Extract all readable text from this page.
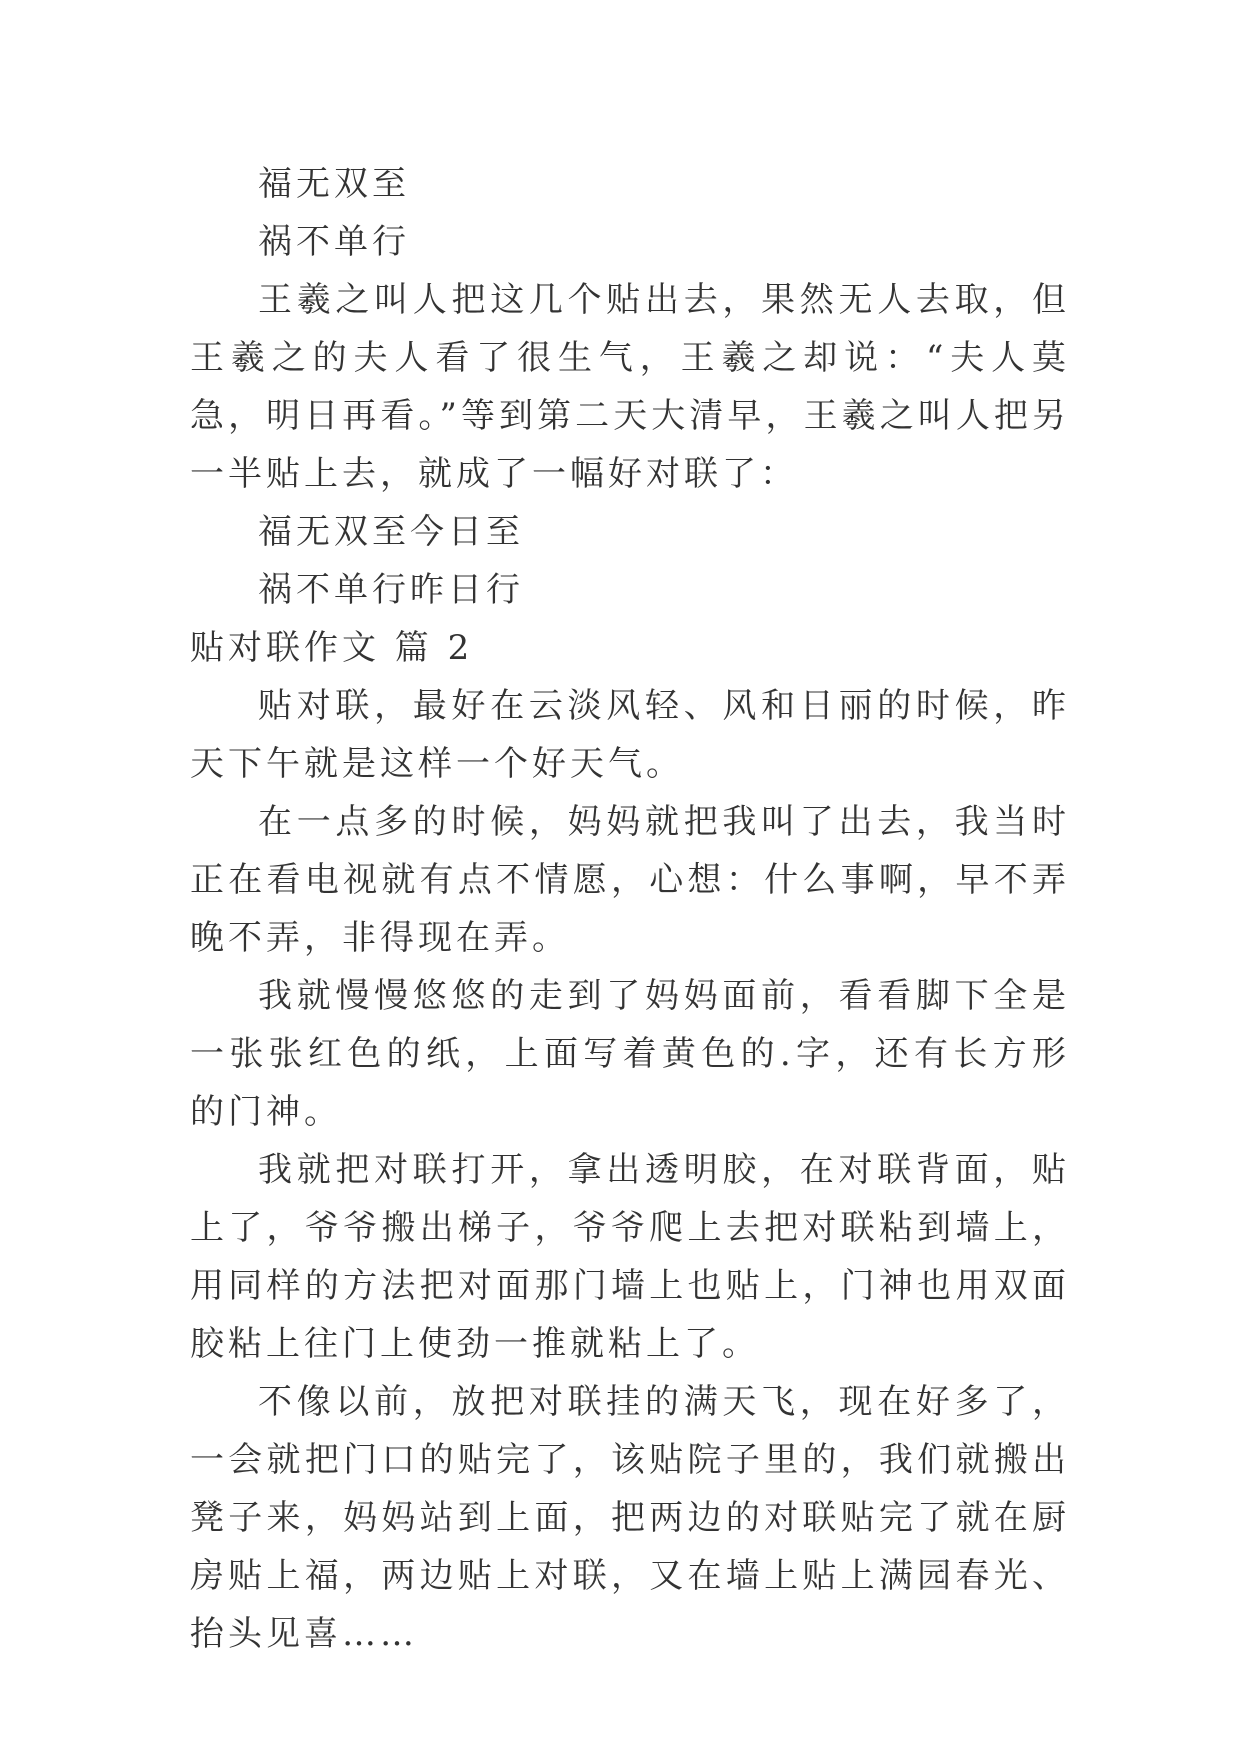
福无双至

祸不单行

王羲之叫人把这几个贴出去，果然无人去取，但王羲之的夫人看了很生气，王羲之却说：“夫人莫急，明日再看。”等到第二天大清早，王羲之叫人把另一半贴上去，就成了一幅好对联了：

福无双至今日至

祸不单行昨日行

贴对联作文 篇 2

贴对联，最好在云淡风轻、风和日丽的时候，昨天下午就是这样一个好天气。

在一点多的时候，妈妈就把我叫了出去，我当时正在看电视就有点不情愿，心想：什么事啊，早不弄晚不弄，非得现在弄。

我就慢慢悠悠的走到了妈妈面前，看看脚下全是一张张红色的纸，上面写着黄色的.字，还有长方形的门神。

我就把对联打开，拿出透明胶，在对联背面，贴上了，爷爷搬出梯子，爷爷爬上去把对联粘到墙上，用同样的方法把对面那门墙上也贴上，门神也用双面胶粘上往门上使劲一推就粘上了。

不像以前，放把对联挂的满天飞，现在好多了，一会就把门口的贴完了，该贴院子里的，我们就搬出凳子来，妈妈站到上面，把两边的对联贴完了就在厨房贴上福，两边贴上对联，又在墙上贴上满园春光、抬头见喜……
